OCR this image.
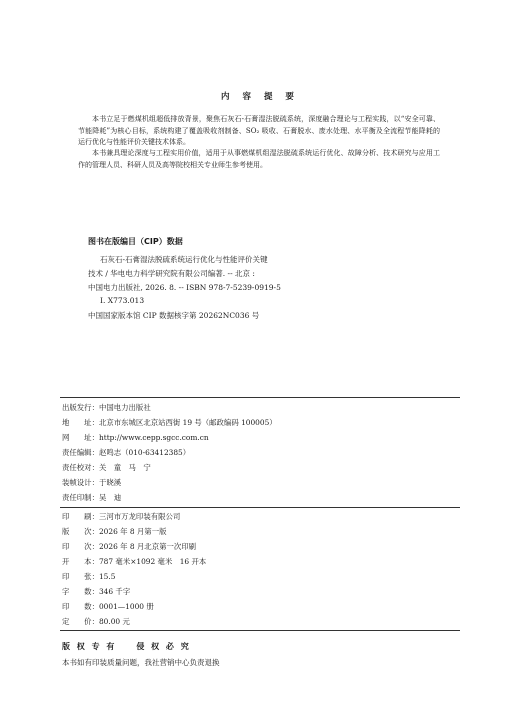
内 容 提 要

本书立足于燃煤机组超低排放背景，聚焦石灰石-石膏湿法脱硫系统，深度融合理论与工程实践，以“安全可靠、节能降耗”为核心目标，系统构建了覆盖吸收剂制备、SO₂ 吸收、石膏脱水、废水处理、水平衡及全流程节能降耗的运行优化与性能评价关键技术体系。

本书兼具理论深度与工程实用价值，适用于从事燃煤机组湿法脱硫系统运行优化、故障分析、技术研究与应用工作的管理人员、科研人员及高等院校相关专业师生参考使用。

图书在版编目（CIP）数据
石灰石-石膏湿法脱硫系统运行优化与性能评价关键
技术 / 华电电力科学研究院有限公司编著. -- 北京 :
中国电力出版社, 2026. 8. -- ISBN 978-7-5239-0919-5
Ⅰ. X773.013
中国国家版本馆 CIP 数据核字第 20262NC036 号
出版发行：中国电力出版社
地　　址：北京市东城区北京站西街 19 号（邮政编码 100005）
网　　址：http://www.cepp.sgcc.com.cn
责任编辑：赵鸣志（010-63412385）
责任校对：关　童　马　宁
装帧设计：于晓溪
责任印制：吴　迪
印　　刷：三河市万龙印装有限公司
版　　次：2026 年 8 月第一版
印　　次：2026 年 8 月北京第一次印刷
开　　本：787 毫米×1092 毫米　16 开本
印　　张：15.5
字　　数：346 千字
印　　数：0001—1000 册
定　　价：80.00 元
版 权 专 有　　侵 权 必 究
本书如有印装质量问题，我社营销中心负责退换
